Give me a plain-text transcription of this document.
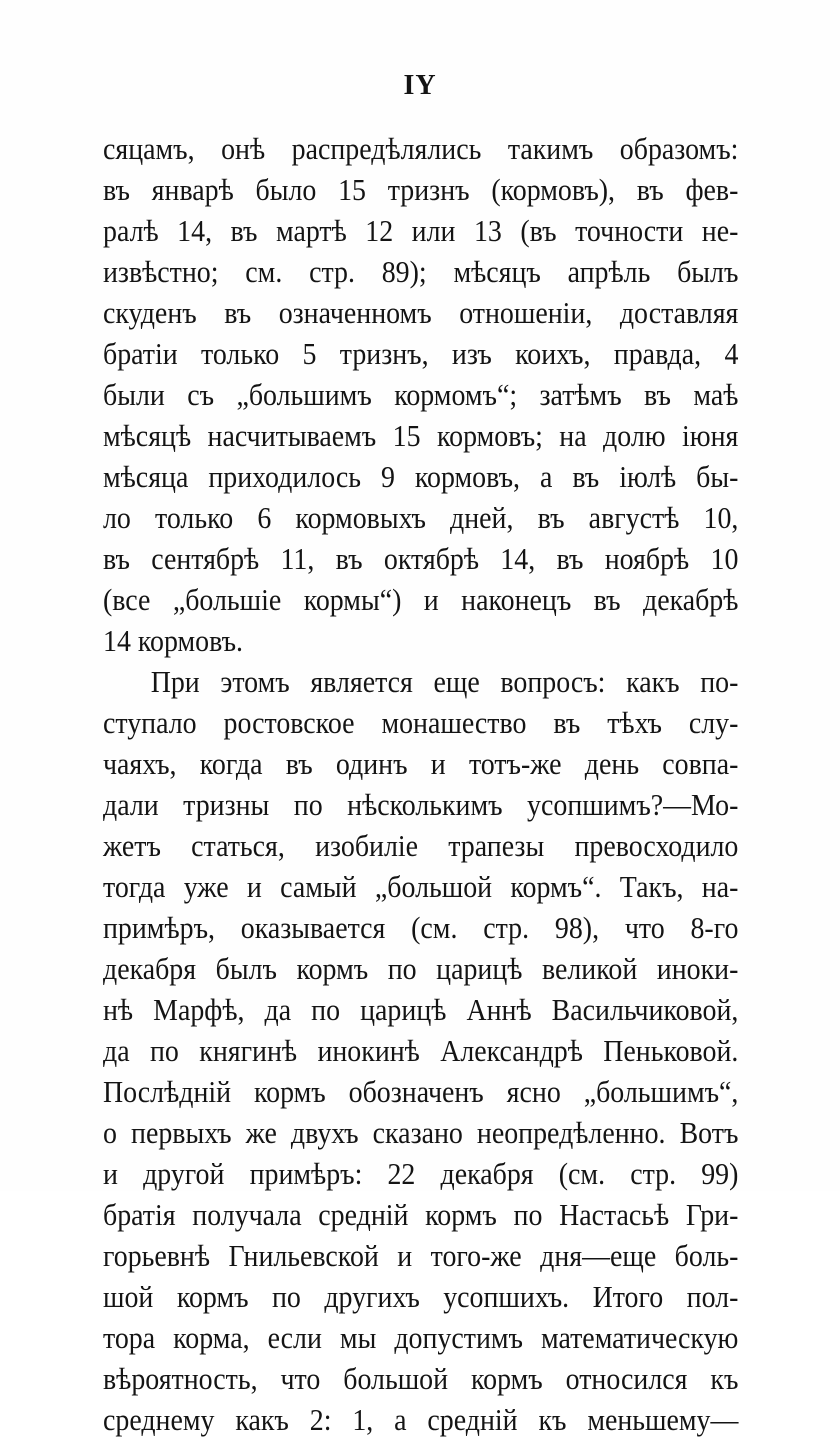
IY
сяцамъ, онѣ распредѣлялись такимъ образомъ:
въ январѣ было 15 тризнъ (кормовъ), въ фев-
ралѣ 14, въ мартѣ 12 или 13 (въ точности не-
извѣстно; см. стр. 89); мѣсяцъ апрѣль былъ
скуденъ въ означенномъ отношеніи, доставляя
братіи только 5 тризнъ, изъ коихъ, правда, 4
были съ „большимъ кормомъ“; затѣмъ въ маѣ
мѣсяцѣ насчитываемъ 15 кормовъ; на долю іюня
мѣсяца приходилось 9 кормовъ, а въ іюлѣ бы-
ло только 6 кормовыхъ дней, въ августѣ 10,
въ сентябрѣ 11, въ октябрѣ 14, въ ноябрѣ 10
(все „большіе кормы“) и наконецъ въ декабрѣ
14 кормовъ.
При этомъ является еще вопросъ: какъ по-
ступало ростовское монашество въ тѣхъ слу-
чаяхъ, когда въ одинъ и тотъ-же день совпа-
дали тризны по нѣсколькимъ усопшимъ?—Мо-
жетъ статься, изобиліе трапезы превосходило
тогда уже и самый „большой кормъ“. Такъ, на-
примѣръ, оказывается (см. стр. 98), что 8-го
декабря былъ кормъ по царицѣ великой иноки-
нѣ Марфѣ, да по царицѣ Аннѣ Васильчиковой,
да по княгинѣ инокинѣ Александрѣ Пеньковой.
Послѣдній кормъ обозначенъ ясно „большимъ“,
о первыхъ же двухъ сказано неопредѣленно. Вотъ
и другой примѣръ: 22 декабря (см. стр. 99)
братія получала средній кормъ по Настасьѣ Гри-
горьевнѣ Гнильевской и того-же дня—еще боль-
шой кормъ по другихъ усопшихъ. Итого пол-
тора корма, если мы допустимъ математическую
вѣроятность, что большой кормъ относился къ
среднему какъ 2: 1, а средній къ меньшему—
